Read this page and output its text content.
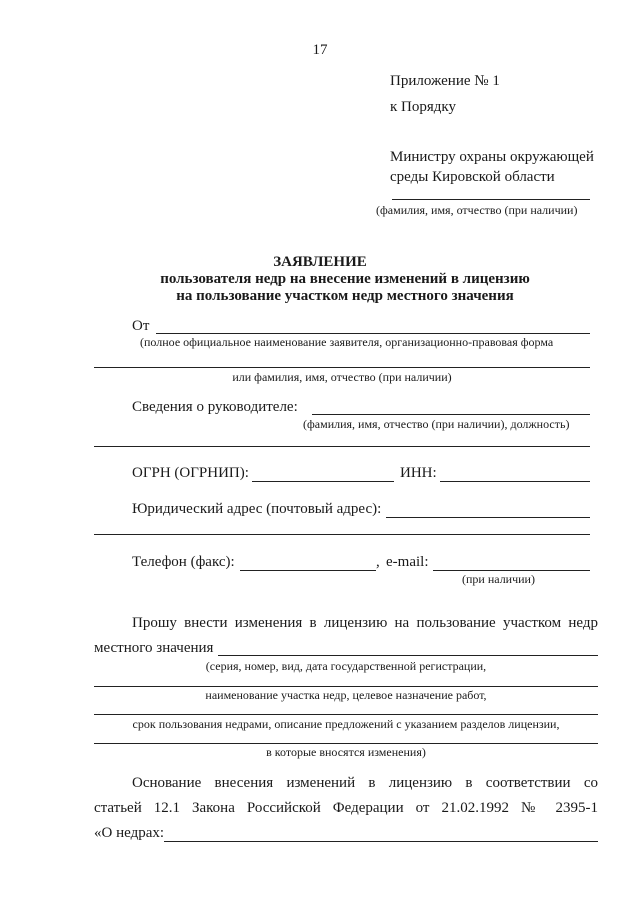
17
Приложение № 1
к Порядку
Министру охраны окружающей
среды Кировской области
(фамилия, имя, отчество (при наличии)
ЗАЯВЛЕНИЕ
пользователя недр на внесение изменений в лицензию
на пользование участком недр местного значения
От
(полное официальное наименование заявителя, организационно-правовая форма
или фамилия, имя, отчество (при наличии)
Сведения о руководителе:
(фамилия, имя, отчество (при наличии), должность)
ОГРН (ОГРНИП):	ИНН:
Юридический адрес (почтовый адрес):
Телефон (факс):	, e-mail:
(при наличии)
Прошу внести изменения в лицензию на пользование участком недр
местного значения
(серия, номер, вид, дата государственной регистрации,
наименование участка недр, целевое назначение работ,
срок пользования недрами, описание предложений с указанием разделов лицензии,
в которые вносятся изменения)
Основание внесения изменений в лицензию в соответствии со
статьей 12.1 Закона Российской Федерации от 21.02.1992 № 2395-1
«О недрах:
